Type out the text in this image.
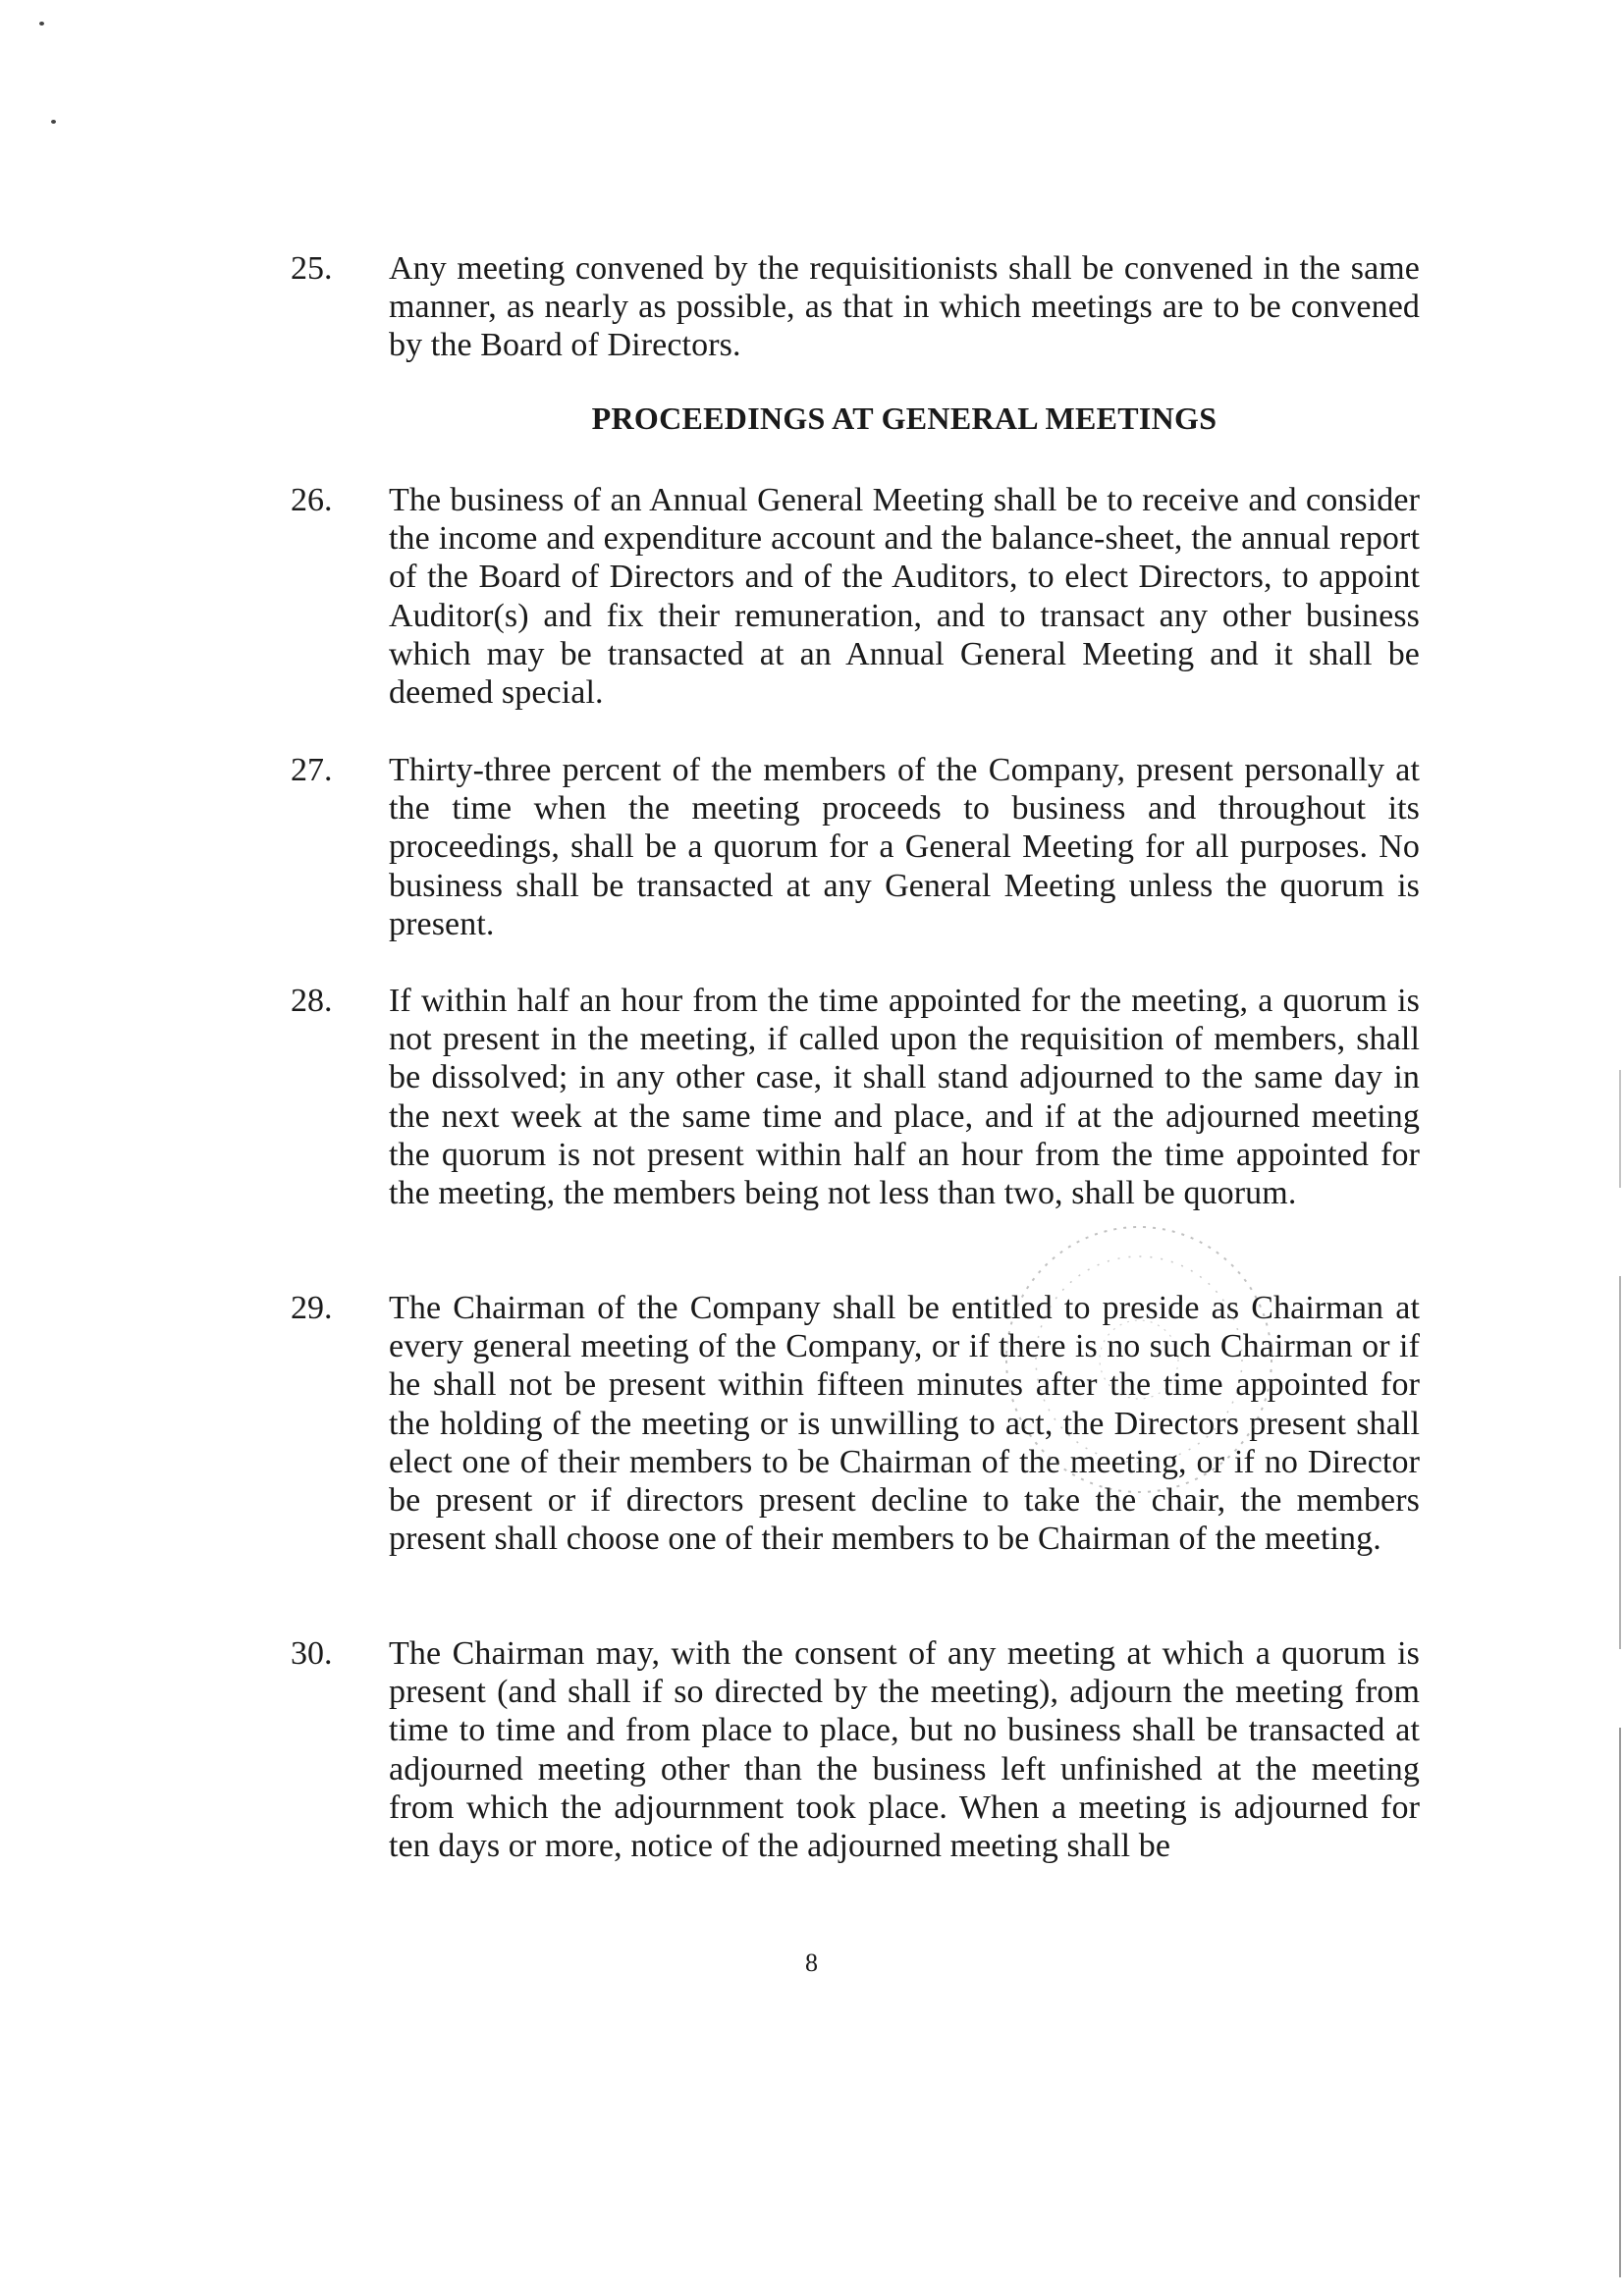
25. Any meeting convened by the requisitionists shall be convened in the same manner, as nearly as possible, as that in which meetings are to be convened by the Board of Directors.

PROCEEDINGS AT GENERAL MEETINGS
26. The business of an Annual General Meeting shall be to receive and consider the income and expenditure account and the balance-sheet, the annual report of the Board of Directors and of the Auditors, to elect Directors, to appoint Auditor(s) and fix their remuneration, and to transact any other business which may be transacted at an Annual General Meeting and it shall be deemed special.

27. Thirty-three percent of the members of the Company, present personally at the time when the meeting proceeds to business and throughout its proceedings, shall be a quorum for a General Meeting for all purposes. No business shall be transacted at any General Meeting unless the quorum is present.

28. If within half an hour from the time appointed for the meeting, a quorum is not present in the meeting, if called upon the requisition of members, shall be dissolved; in any other case, it shall stand adjourned to the same day in the next week at the same time and place, and if at the adjourned meeting the quorum is not present within half an hour from the time appointed for the meeting, the members being not less than two, shall be quorum.

29. The Chairman of the Company shall be entitled to preside as Chairman at every general meeting of the Company, or if there is no such Chairman or if he shall not be present within fifteen minutes after the time appointed for the holding of the meeting or is unwilling to act, the Directors present shall elect one of their members to be Chairman of the meeting, or if no Director be present or if directors present decline to take the chair, the members present shall choose one of their members to be Chairman of the meeting.

30. The Chairman may, with the consent of any meeting at which a quorum is present (and shall if so directed by the meeting), adjourn the meeting from time to time and from place to place, but no business shall be transacted at adjourned meeting other than the business left unfinished at the meeting from which the adjournment took place. When a meeting is adjourned for ten days or more, notice of the adjourned meeting shall be

8
